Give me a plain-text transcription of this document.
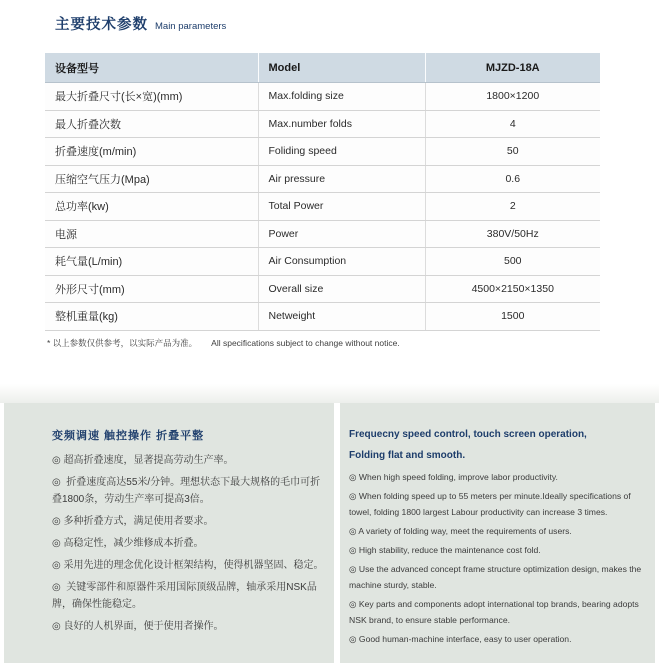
主要技术参数 Main parameters
设备型号	Model	MJZD-18A
最大折叠尺寸(长×宽)(mm)	Max.folding size	1800×1200
最人折叠次数	Max.number folds	4
折叠速度(m/min)	Foliding speed	50
压缩空气压力(Mpa)	Air pressure	0.6
总功率(kw)	Total Power	2
电源	Power	380V/50Hz
耗气量(L/min)	Air Consumption	500
外形尺寸(mm)	Overall size	4500×2150×1350
整机重量(kg)	Netweight	1500
* 以上参数仅供参考，以实际产品为准。 All specifications subject to change without notice.
变频调速 触控操作 折叠平整

◎ 超高折叠速度，显著提高劳动生产率。

◎  折叠速度高达55米/分钟。理想状态下最大规格的毛巾可折叠1800条，劳动生产率可提高3倍。

◎ 多种折叠方式，满足使用者要求。

◎ 高稳定性，减少维修成本折叠。

◎ 采用先进的理念优化设计框架结构，使得机器坚固、稳定。

◎  关键零部件和原器件采用国际顶级品牌，轴承采用NSK品牌，确保性能稳定。

◎ 良好的人机界面，便于使用者操作。

Frequecny speed control, touch screen operation,
Folding flat and smooth.

◎ When high speed folding, improve labor productivity.

◎ When folding speed up to 55 meters per minute.Ideally specifications of towel, folding 1800 largest Labour productivity can increase 3 times.

◎ A variety of folding way, meet the requirements of users.

◎ High stability, reduce the maintenance cost fold.

◎ Use the advanced concept frame structure optimization design, makes the machine sturdy, stable.

◎ Key parts and components adopt international top brands, bearing adopts NSK brand, to ensure stable performance.

◎ Good human-machine interface, easy to user operation.
